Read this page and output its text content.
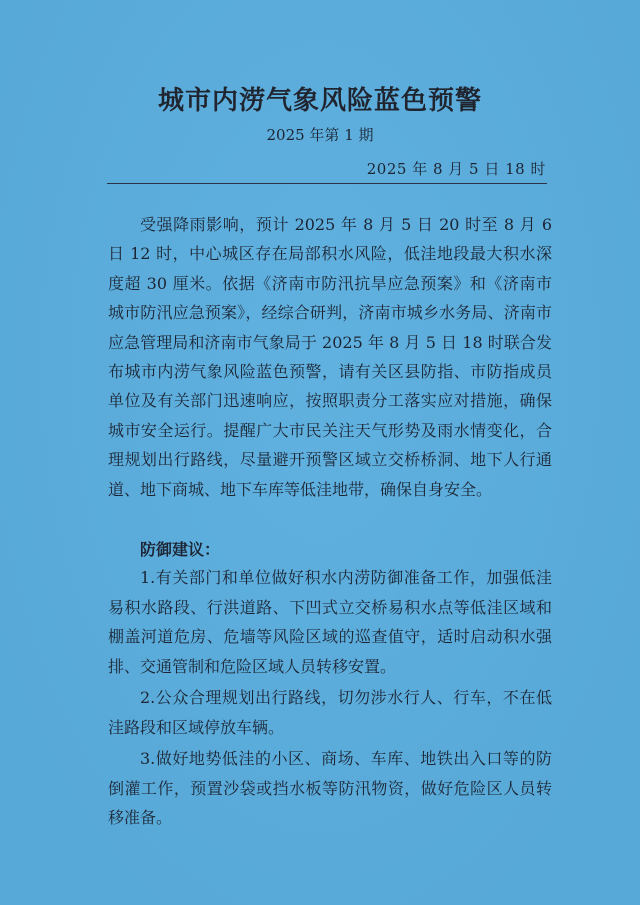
城市内涝气象风险蓝色预警
2025 年第 1 期
2025 年 8 月 5 日 18 时

受强降雨影响，预计 2025 年 8 月 5 日 20 时至 8 月 6 日 12 时，中心城区存在局部积水风险，低洼地段最大积水深度超 30 厘米。依据《济南市防汛抗旱应急预案》和《济南市城市防汛应急预案》，经综合研判，济南市城乡水务局、济南市应急管理局和济南市气象局于 2025 年 8 月 5 日 18 时联合发布城市内涝气象风险蓝色预警，请有关区县防指、市防指成员单位及有关部门迅速响应，按照职责分工落实应对措施，确保城市安全运行。提醒广大市民关注天气形势及雨水情变化，合理规划出行路线，尽量避开预警区域立交桥桥洞、地下人行通道、地下商城、地下车库等低洼地带，确保自身安全。

防御建议：

1.有关部门和单位做好积水内涝防御准备工作，加强低洼易积水路段、行洪道路、下凹式立交桥易积水点等低洼区域和棚盖河道危房、危墙等风险区域的巡查值守，适时启动积水强排、交通管制和危险区域人员转移安置。

2.公众合理规划出行路线，切勿涉水行人、行车，不在低洼路段和区域停放车辆。

3.做好地势低洼的小区、商场、车库、地铁出入口等的防倒灌工作，预置沙袋或挡水板等防汛物资，做好危险区人员转移准备。
